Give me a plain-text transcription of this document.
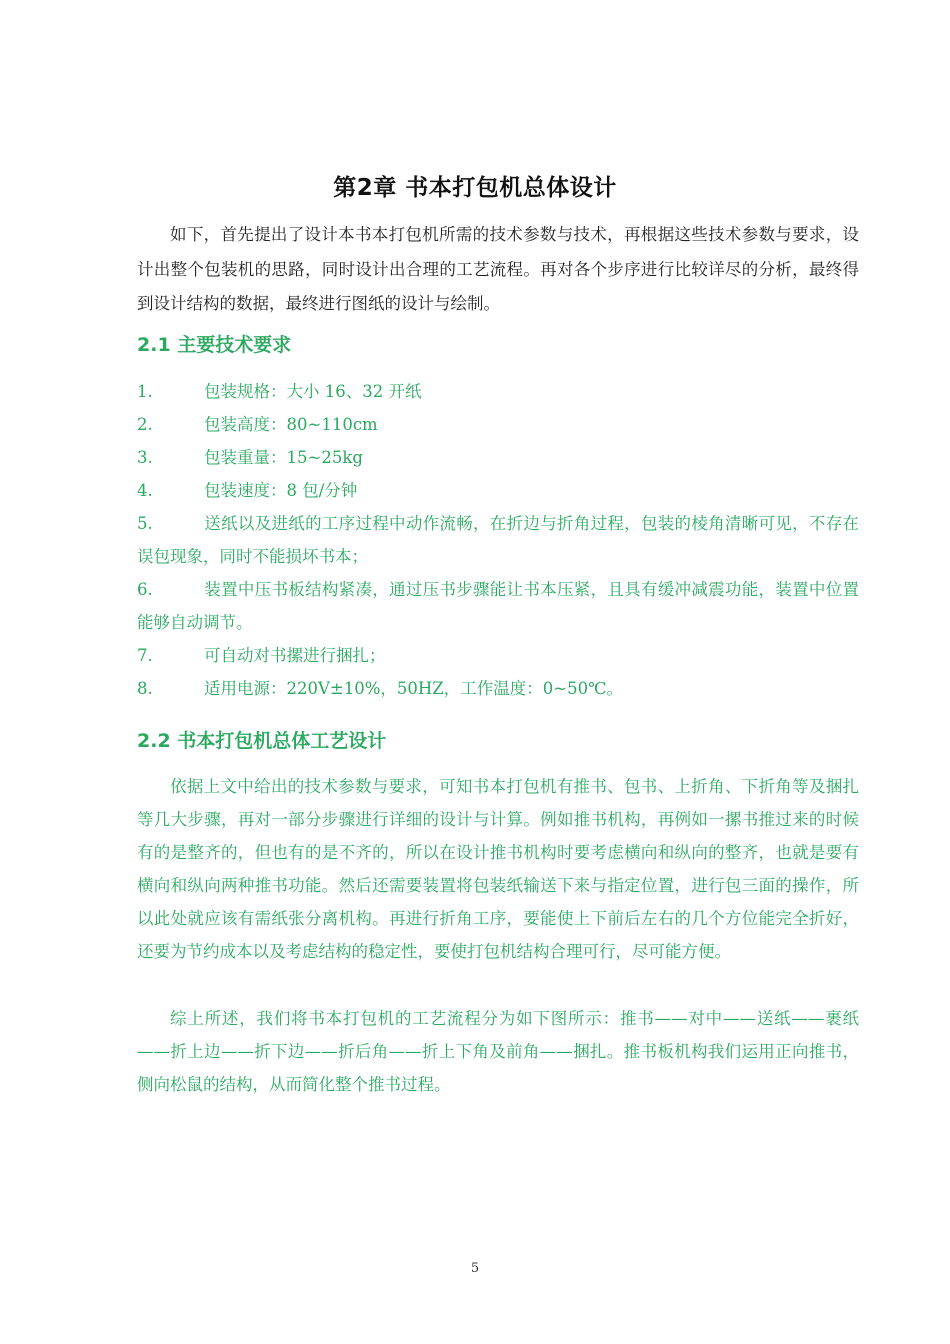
第2章 书本打包机总体设计

如下，首先提出了设计本书本打包机所需的技术参数与技术，再根据这些技术参数与要求，设计出整个包装机的思路，同时设计出合理的工艺流程。再对各个步序进行比较详尽的分析，最终得到设计结构的数据，最终进行图纸的设计与绘制。

2.1 主要技术要求
1.	包装规格：大小 16、32 开纸
2.	包装高度：80~110cm
3.	包装重量：15~25kg
4.	包装速度：8 包/分钟
5.	送纸以及进纸的工序过程中动作流畅，在折边与折角过程，包装的棱角清晰可见，不存在误包现象，同时不能损坏书本；
6.	装置中压书板结构紧凑，通过压书步骤能让书本压紧，且具有缓冲减震功能，装置中位置能够自动调节。
7.	可自动对书摞进行捆扎；
8.	适用电源：220V±10%，50HZ，工作温度：0~50℃。
2.2 书本打包机总体工艺设计

依据上文中给出的技术参数与要求，可知书本打包机有推书、包书、上折角、下折角等及捆扎等几大步骤，再对一部分步骤进行详细的设计与计算。例如推书机构，再例如一摞书推过来的时候有的是整齐的，但也有的是不齐的，所以在设计推书机构时要考虑横向和纵向的整齐，也就是要有横向和纵向两种推书功能。然后还需要装置将包装纸输送下来与指定位置，进行包三面的操作，所以此处就应该有需纸张分离机构。再进行折角工序，要能使上下前后左右的几个方位能完全折好，还要为节约成本以及考虑结构的稳定性，要使打包机结构合理可行，尽可能方便。

综上所述，我们将书本打包机的工艺流程分为如下图所示：推书——对中——送纸——裹纸——折上边——折下边——折后角——折上下角及前角——捆扎。推书板机构我们运用正向推书，侧向松鼠的结构，从而简化整个推书过程。

5
